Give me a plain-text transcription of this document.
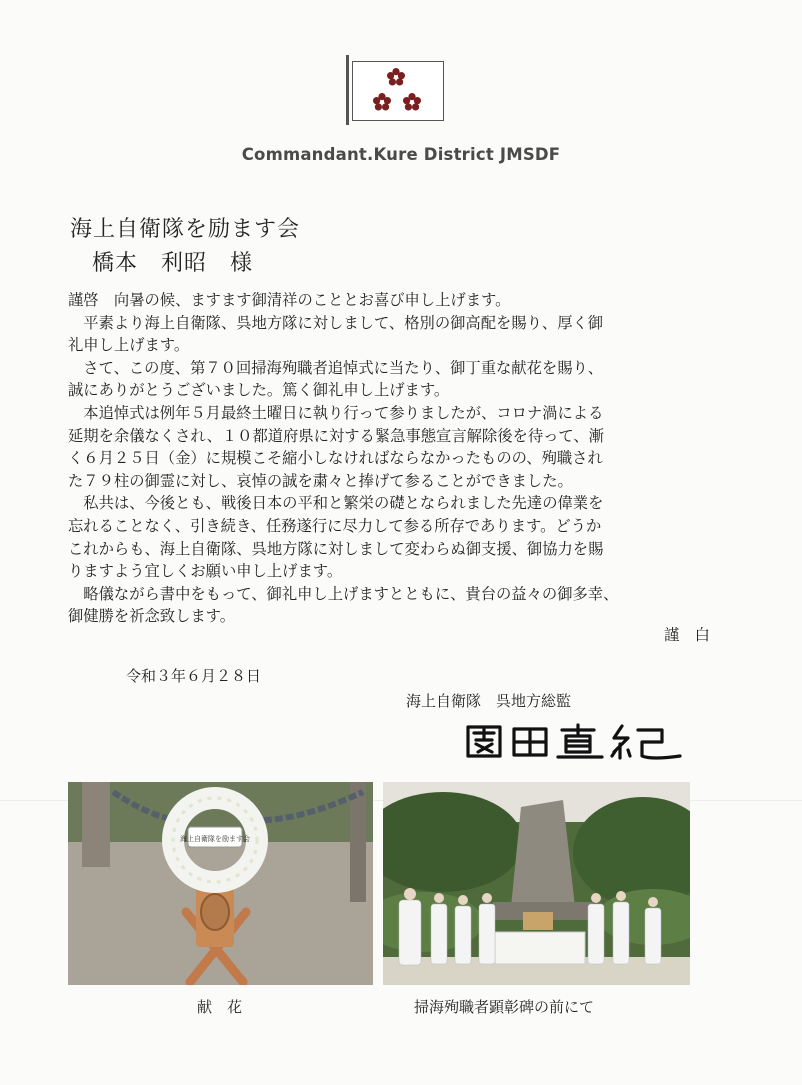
Commandant.Kure District JMSDF
海上自衛隊を励ます会
橋本　利昭　様

謹啓　向暑の候、ますます御清祥のこととお喜び申し上げます。

　平素より海上自衛隊、呉地方隊に対しまして、格別の御高配を賜り、厚く御

礼申し上げます。

　さて、この度、第７０回掃海殉職者追悼式に当たり、御丁重な献花を賜り、

誠にありがとうございました。篤く御礼申し上げます。

　本追悼式は例年５月最終土曜日に執り行って参りましたが、コロナ渦による

延期を余儀なくされ、１０都道府県に対する緊急事態宣言解除後を待って、漸

く６月２５日（金）に規模こそ縮小しなければならなかったものの、殉職され

た７９柱の御霊に対し、哀悼の誠を粛々と捧げて参ることができました。

　私共は、今後とも、戦後日本の平和と繁栄の礎となられました先達の偉業を

忘れることなく、引き続き、任務遂行に尽力して参る所存であります。どうか

これからも、海上自衛隊、呉地方隊に対しまして変わらぬ御支援、御協力を賜

りますよう宜しくお願い申し上げます。

　略儀ながら書中をもって、御礼申し上げますとともに、貴台の益々の御多幸、

御健勝を祈念致します。

謹　白
令和３年６月２８日
海上自衛隊　呉地方総監
海上自衛隊を励ます会
献　花	掃海殉職者顕彰碑の前にて
